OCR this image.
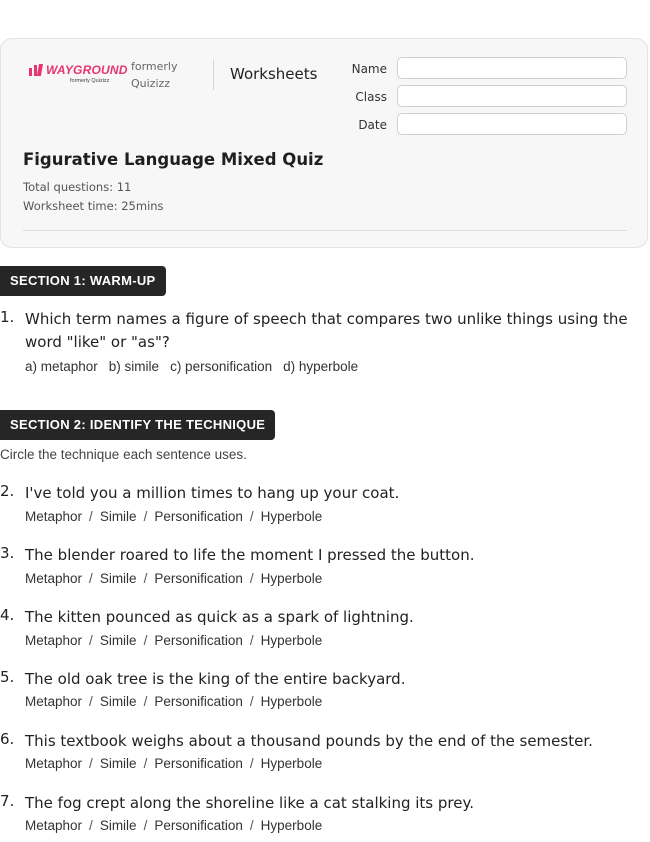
WAYGROUND
formerly Quizizz
formerly Quizizz
Worksheets	Name
Class
Date
Figurative Language Mixed Quiz
Total questions: 11
Worksheet time: 25mins
SECTION 1: WARM-UP
1. Which term names a figure of speech that compares two unlike things using the word "like" or "as"?
a) metaphor b) simile c) personification d) hyperbole
SECTION 2: IDENTIFY THE TECHNIQUE
Circle the technique each sentence uses.
2. I've told you a million times to hang up your coat.
Metaphor / Simile / Personification / Hyperbole
3. The blender roared to life the moment I pressed the button.
Metaphor / Simile / Personification / Hyperbole
4. The kitten pounced as quick as a spark of lightning.
Metaphor / Simile / Personification / Hyperbole
5. The old oak tree is the king of the entire backyard.
Metaphor / Simile / Personification / Hyperbole
6. This textbook weighs about a thousand pounds by the end of the semester.
Metaphor / Simile / Personification / Hyperbole
7. The fog crept along the shoreline like a cat stalking its prey.
Metaphor / Simile / Personification / Hyperbole
